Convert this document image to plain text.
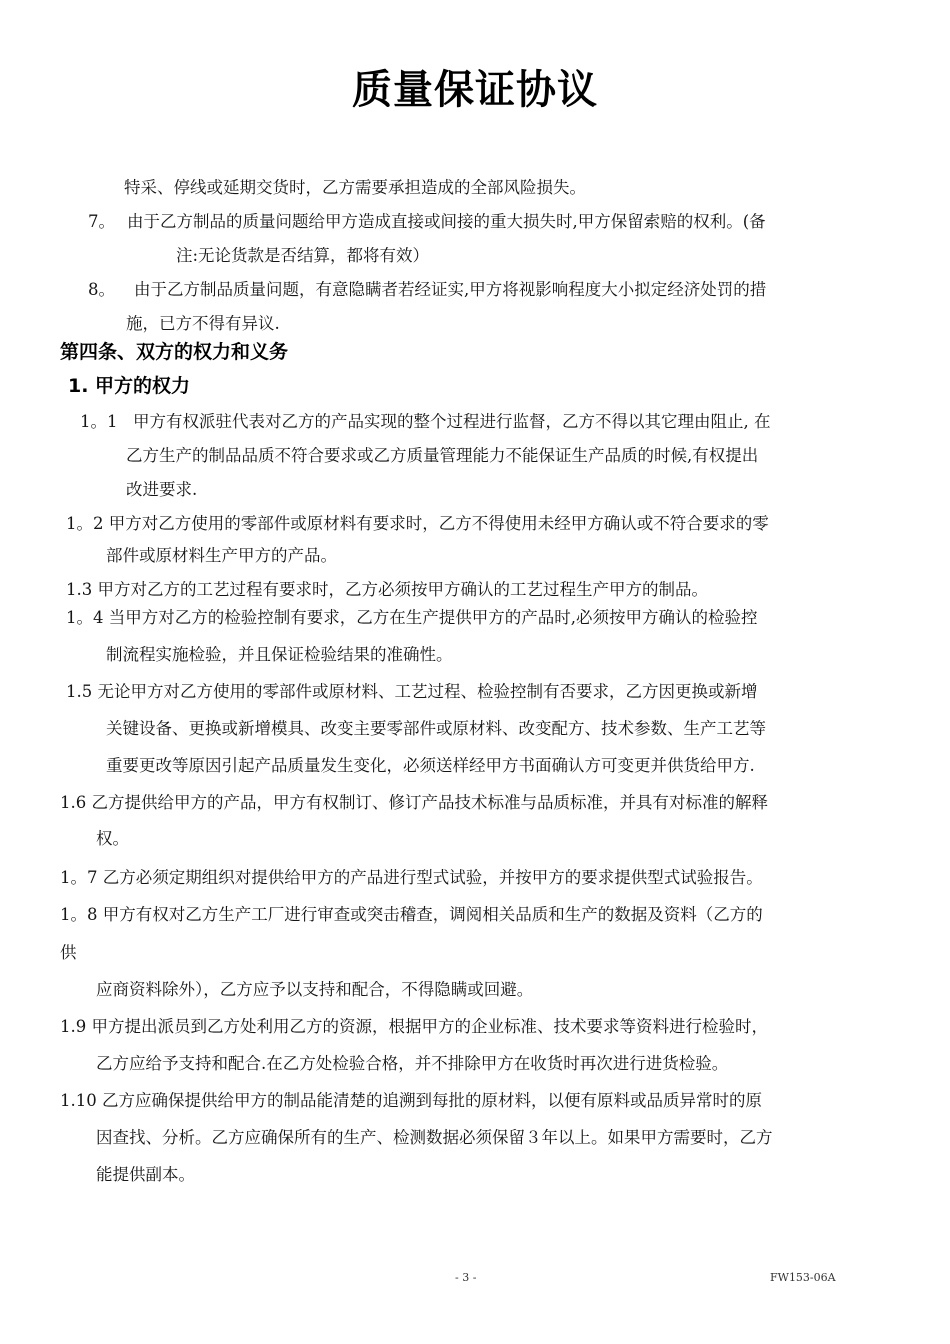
质量保证协议
特采、停线或延期交货时，乙方需要承担造成的全部风险损失。
7。 由于乙方制品的质量问题给甲方造成直接或间接的重大损失时,甲方保留索赔的权利。(备
注:无论货款是否结算，都将有效）
8。 由于乙方制品质量问题，有意隐瞒者若经证实,甲方将视影响程度大小拟定经济处罚的措
施，已方不得有异议.
第四条、双方的权力和义务
1. 甲方的权力
1。1 甲方有权派驻代表对乙方的产品实现的整个过程进行监督，乙方不得以其它理由阻止, 在
乙方生产的制品品质不符合要求或乙方质量管理能力不能保证生产品质的时候,有权提出
改进要求.
1。2 甲方对乙方使用的零部件或原材料有要求时，乙方不得使用未经甲方确认或不符合要求的零
部件或原材料生产甲方的产品。
1.3 甲方对乙方的工艺过程有要求时，乙方必须按甲方确认的工艺过程生产甲方的制品。
1。4 当甲方对乙方的检验控制有要求，乙方在生产提供甲方的产品时,必须按甲方确认的检验控
制流程实施检验，并且保证检验结果的准确性。
1.5 无论甲方对乙方使用的零部件或原材料、工艺过程、检验控制有否要求，乙方因更换或新增
关键设备、更换或新增模具、改变主要零部件或原材料、改变配方、技术参数、生产工艺等
重要更改等原因引起产品质量发生变化，必须送样经甲方书面确认方可变更并供货给甲方.
1.6 乙方提供给甲方的产品，甲方有权制订、修订产品技术标准与品质标准，并具有对标准的解释
权。
1。7 乙方必须定期组织对提供给甲方的产品进行型式试验，并按甲方的要求提供型式试验报告。
1。8 甲方有权对乙方生产工厂进行审查或突击稽查，调阅相关品质和生产的数据及资料（乙方的
供
应商资料除外），乙方应予以支持和配合，不得隐瞒或回避。
1.9 甲方提出派员到乙方处利用乙方的资源，根据甲方的企业标准、技术要求等资料进行检验时，
乙方应给予支持和配合.在乙方处检验合格，并不排除甲方在收货时再次进行进货检验。
1.10 乙方应确保提供给甲方的制品能清楚的追溯到每批的原材料，以便有原料或品质异常时的原
因查找、分析。乙方应确保所有的生产、检测数据必须保留３年以上。如果甲方需要时，乙方
能提供副本。
- 3 -	FW153-06A
